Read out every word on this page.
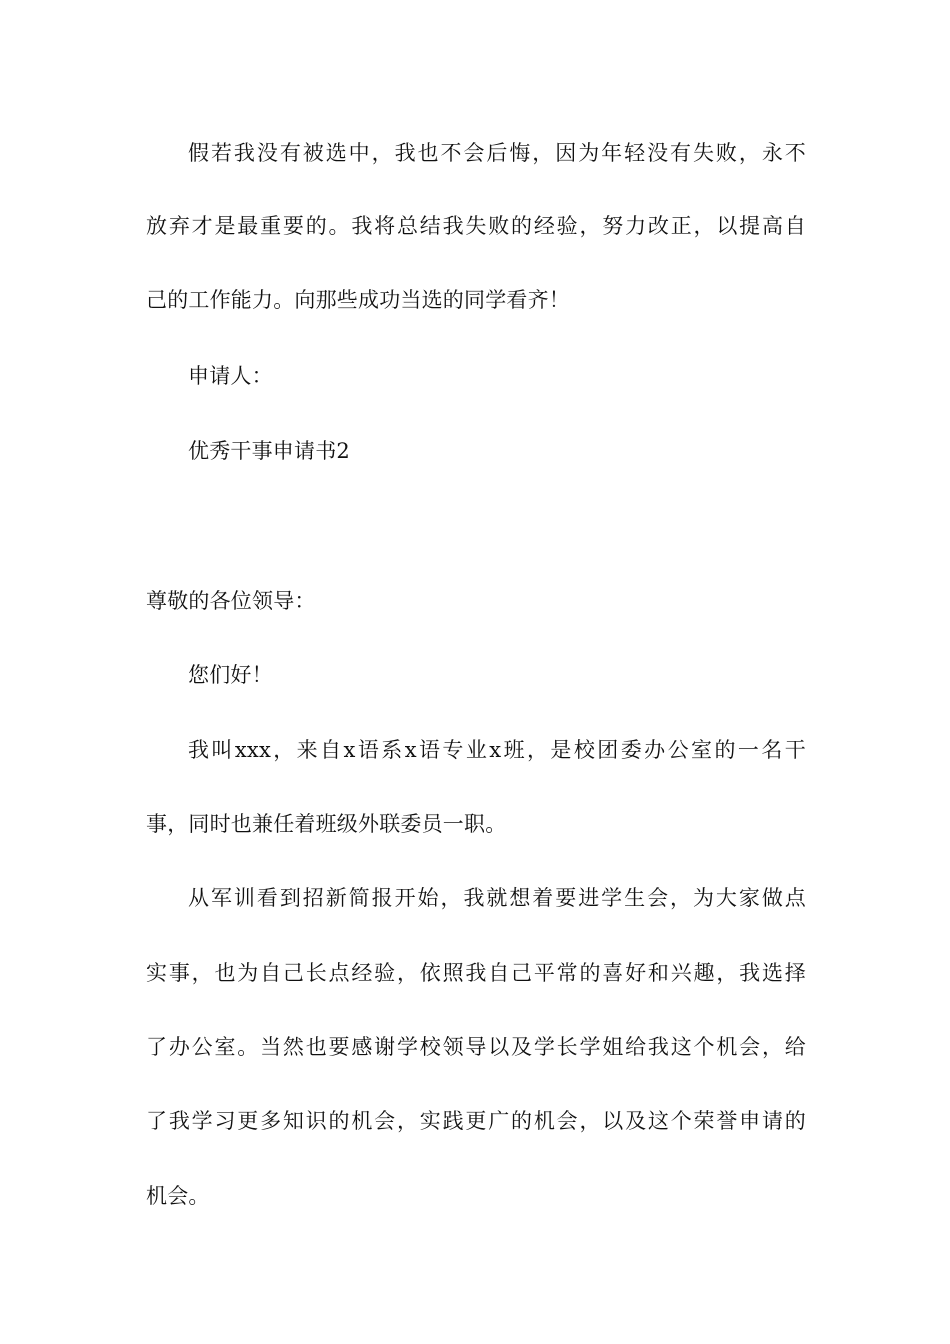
假若我没有被选中，我也不会后悔，因为年轻没有失败，永不
放弃才是最重要的。我将总结我失败的经验，努力改正，以提高自
己的工作能力。向那些成功当选的同学看齐！
申请人：
优秀干事申请书2
尊敬的各位领导：
您们好！
我叫xxx，来自x语系x语专业x班，是校团委办公室的一名干
事，同时也兼任着班级外联委员一职。
从军训看到招新简报开始，我就想着要进学生会，为大家做点
实事，也为自己长点经验，依照我自己平常的喜好和兴趣，我选择
了办公室。当然也要感谢学校领导以及学长学姐给我这个机会，给
了我学习更多知识的机会，实践更广的机会，以及这个荣誉申请的
机会。
